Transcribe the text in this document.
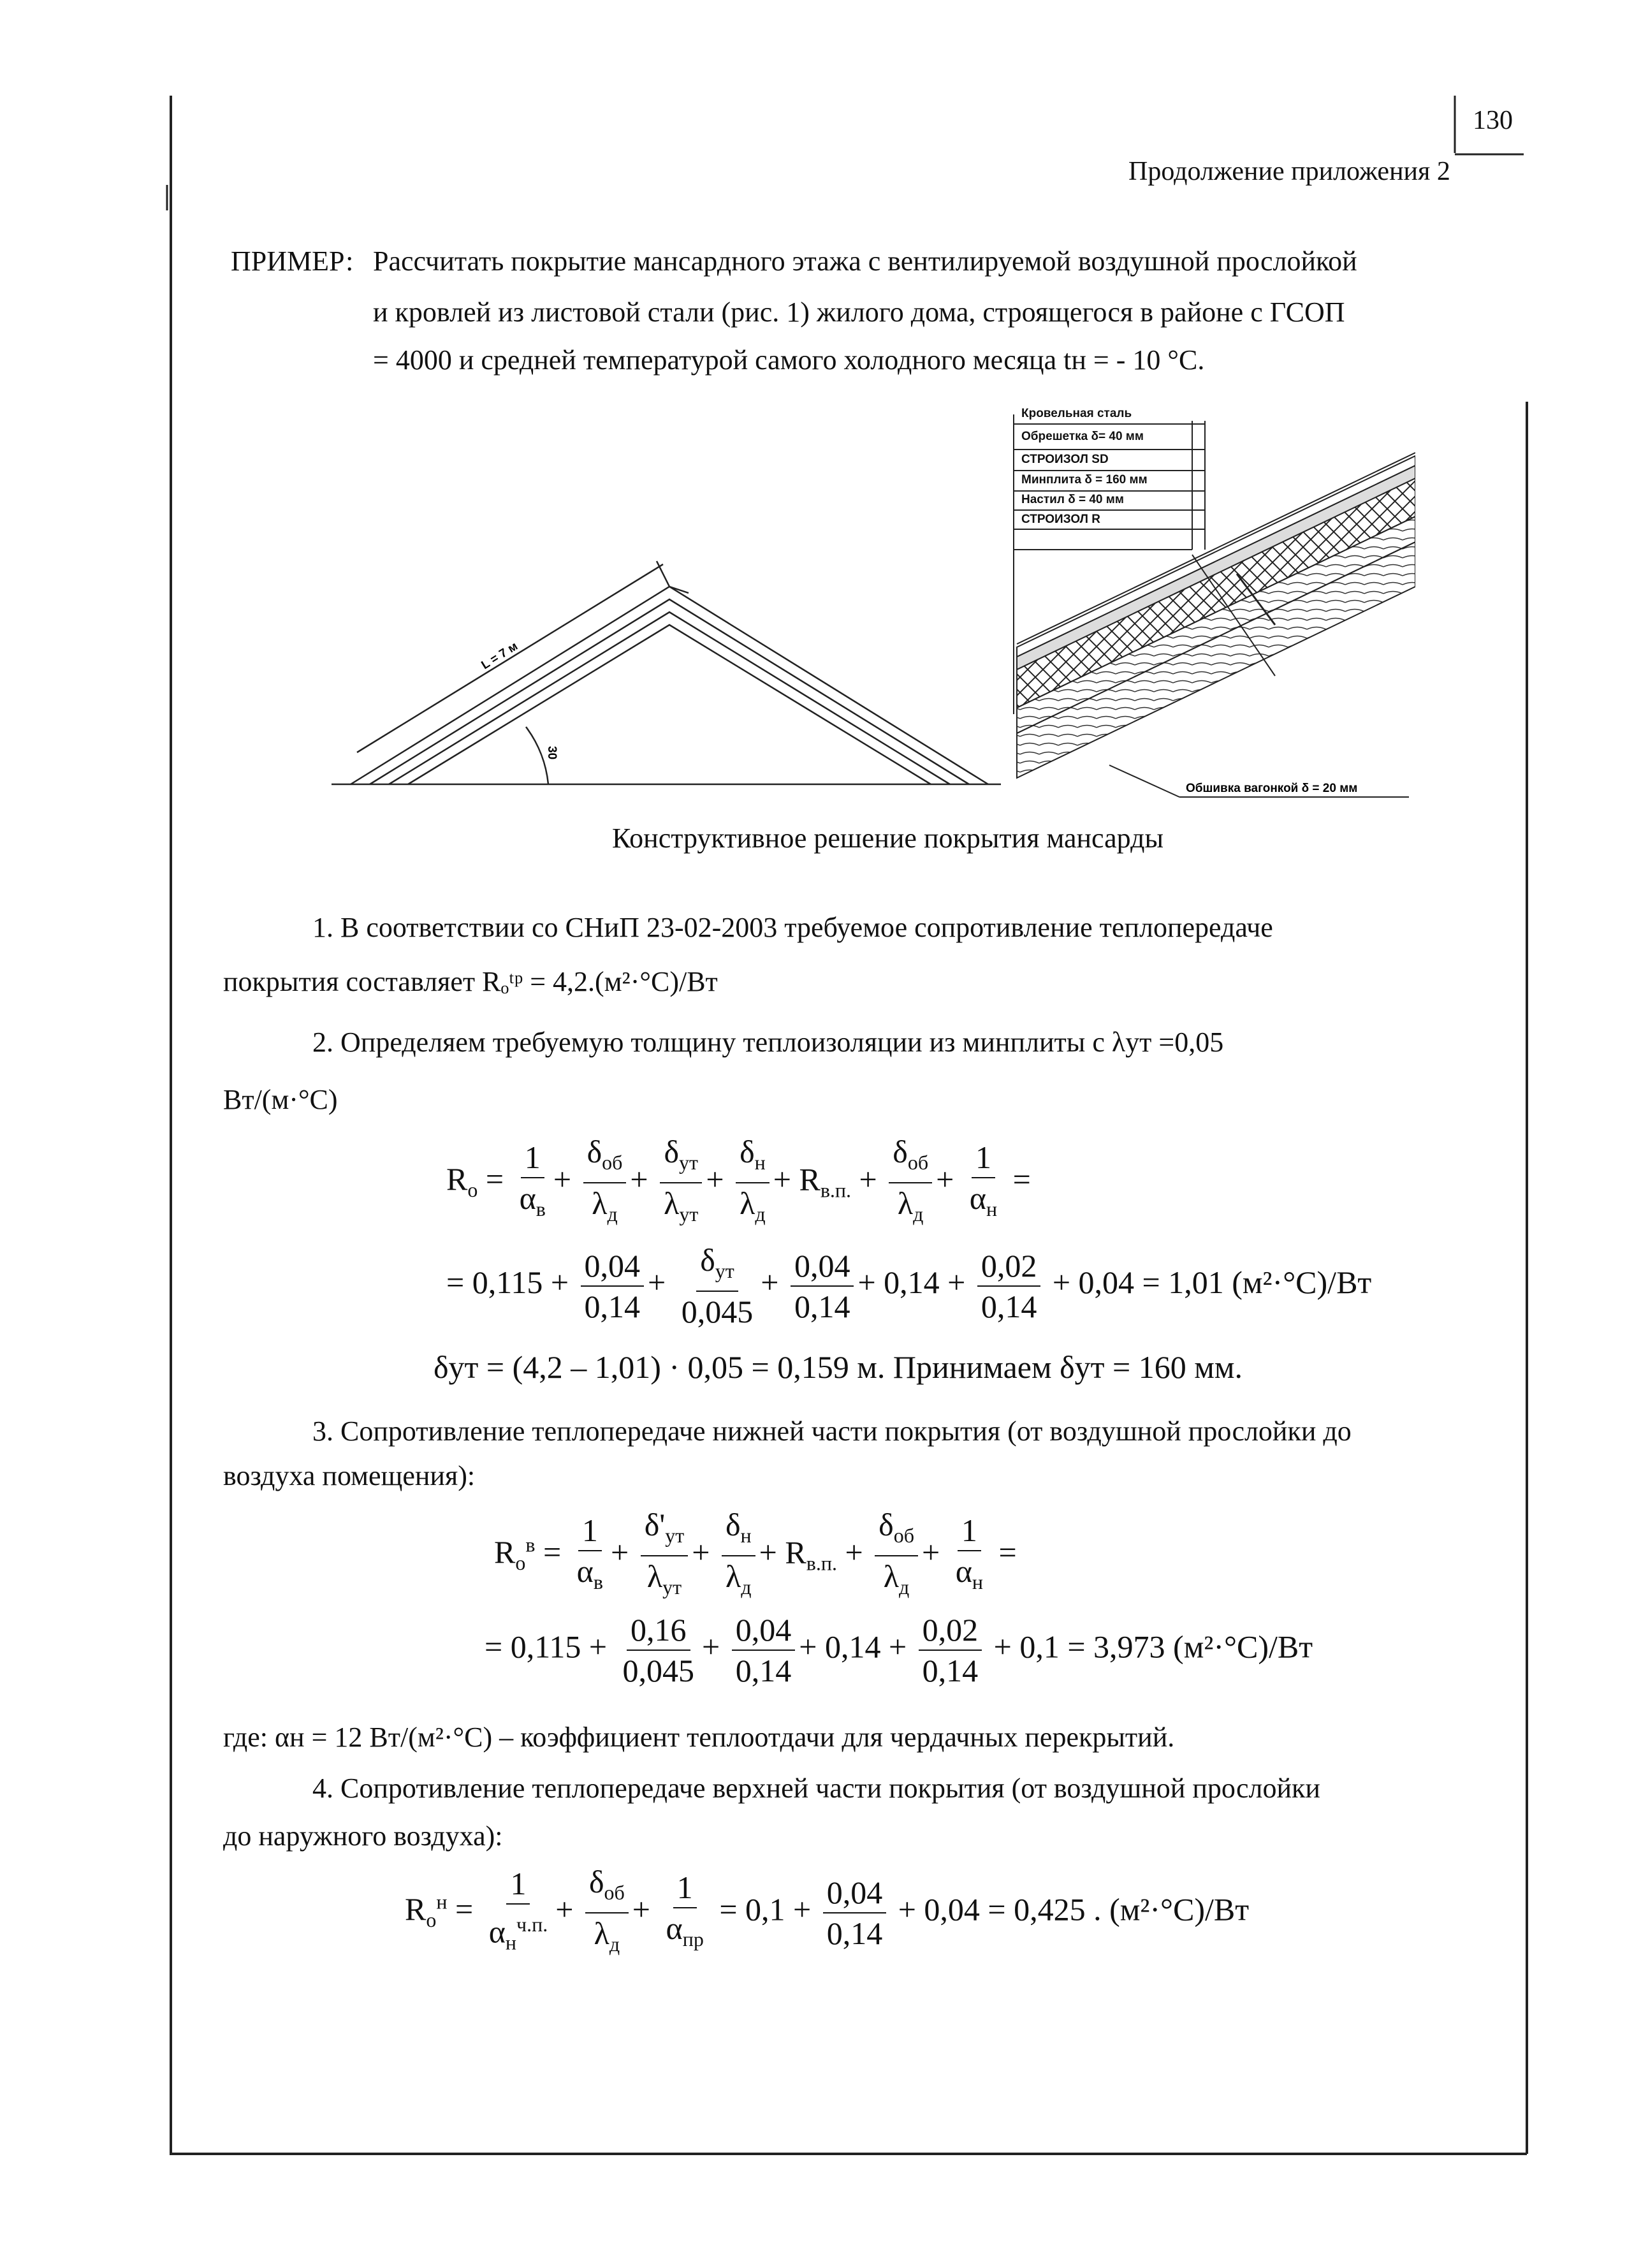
130
Продолжение приложения 2
ПРИМЕР: Рассчитать покрытие мансардного этажа с вентилируемой воздушной прослойкой
и кровлей из листовой стали (рис. 1) жилого дома, строящегося в районе с ГСОП
= 4000 и средней температурой самого холодного месяца tн = - 10 °С.
L = 7 м
30
Обшивка вагонкой δ = 20 мм
Кровельная сталь
Обрешетка δ= 40 мм
СТРОИЗОЛ SD
Минплита δ = 160 мм
Настил δ = 40 мм
СТРОИЗОЛ R
Конструктивное решение покрытия мансарды
1. В соответствии со СНиП 23-02-2003 требуемое сопротивление теплопередаче
покрытия составляет Rₒᵗᵖ = 4,2.(м²·°С)/Вт
2. Определяем требуемую толщину теплоизоляции из минплиты с λут =0,05
Вт/(м·°С)
$R_o = \frac{1}{\alpha_в} + \frac{\delta_{об}}{\lambda_д} + \frac{\delta_{ут}}{\lambda_{ут}} + \frac{\delta_н}{\lambda_д} + R_{в.п.} + \frac{\delta_{об}}{\lambda_д} + \frac{1}{\alpha_н}$ =
= $0,115 + \frac{0,04}{0,14} + \frac{\delta_{ут}}{0,045} + \frac{0,04}{0,14} + 0,14 + \frac{0,02}{0,14} + 0,04 = 1,01$ (м²·°С)/Вт
δут = (4,2 – 1,01) · 0,05 = 0,159 м. Принимаем δут = 160 мм.
3. Сопротивление теплопередаче нижней части покрытия (от воздушной прослойки до
воздуха помещения):
$R_o^в = \frac{1}{\alpha_в} + \frac{\delta'_{ут}}{\lambda_{ут}} + \frac{\delta_н}{\lambda_д} + R_{в.п.} + \frac{\delta_{об}}{\lambda_д} + \frac{1}{\alpha_н}$ =
= $0,115 + \frac{0,16}{0,045} + \frac{0,04}{0,14} + 0,14 + \frac{0,02}{0,14} + 0,1 = 3,973$ (м²·°С)/Вт
где: αн = 12 Вт/(м²·°С) – коэффициент теплоотдачи для чердачных перекрытий.
4. Сопротивление теплопередаче верхней части покрытия (от воздушной прослойки
до наружного воздуха):
$R_o^н = \frac{1}{\alpha_н^{ч.п.}} + \frac{\delta_{об}}{\lambda_д} + \frac{1}{\alpha_{пр}} = 0,1 + \frac{0,04}{0,14} + 0,04 = 0,425$ . (м²·°С)/Вт
